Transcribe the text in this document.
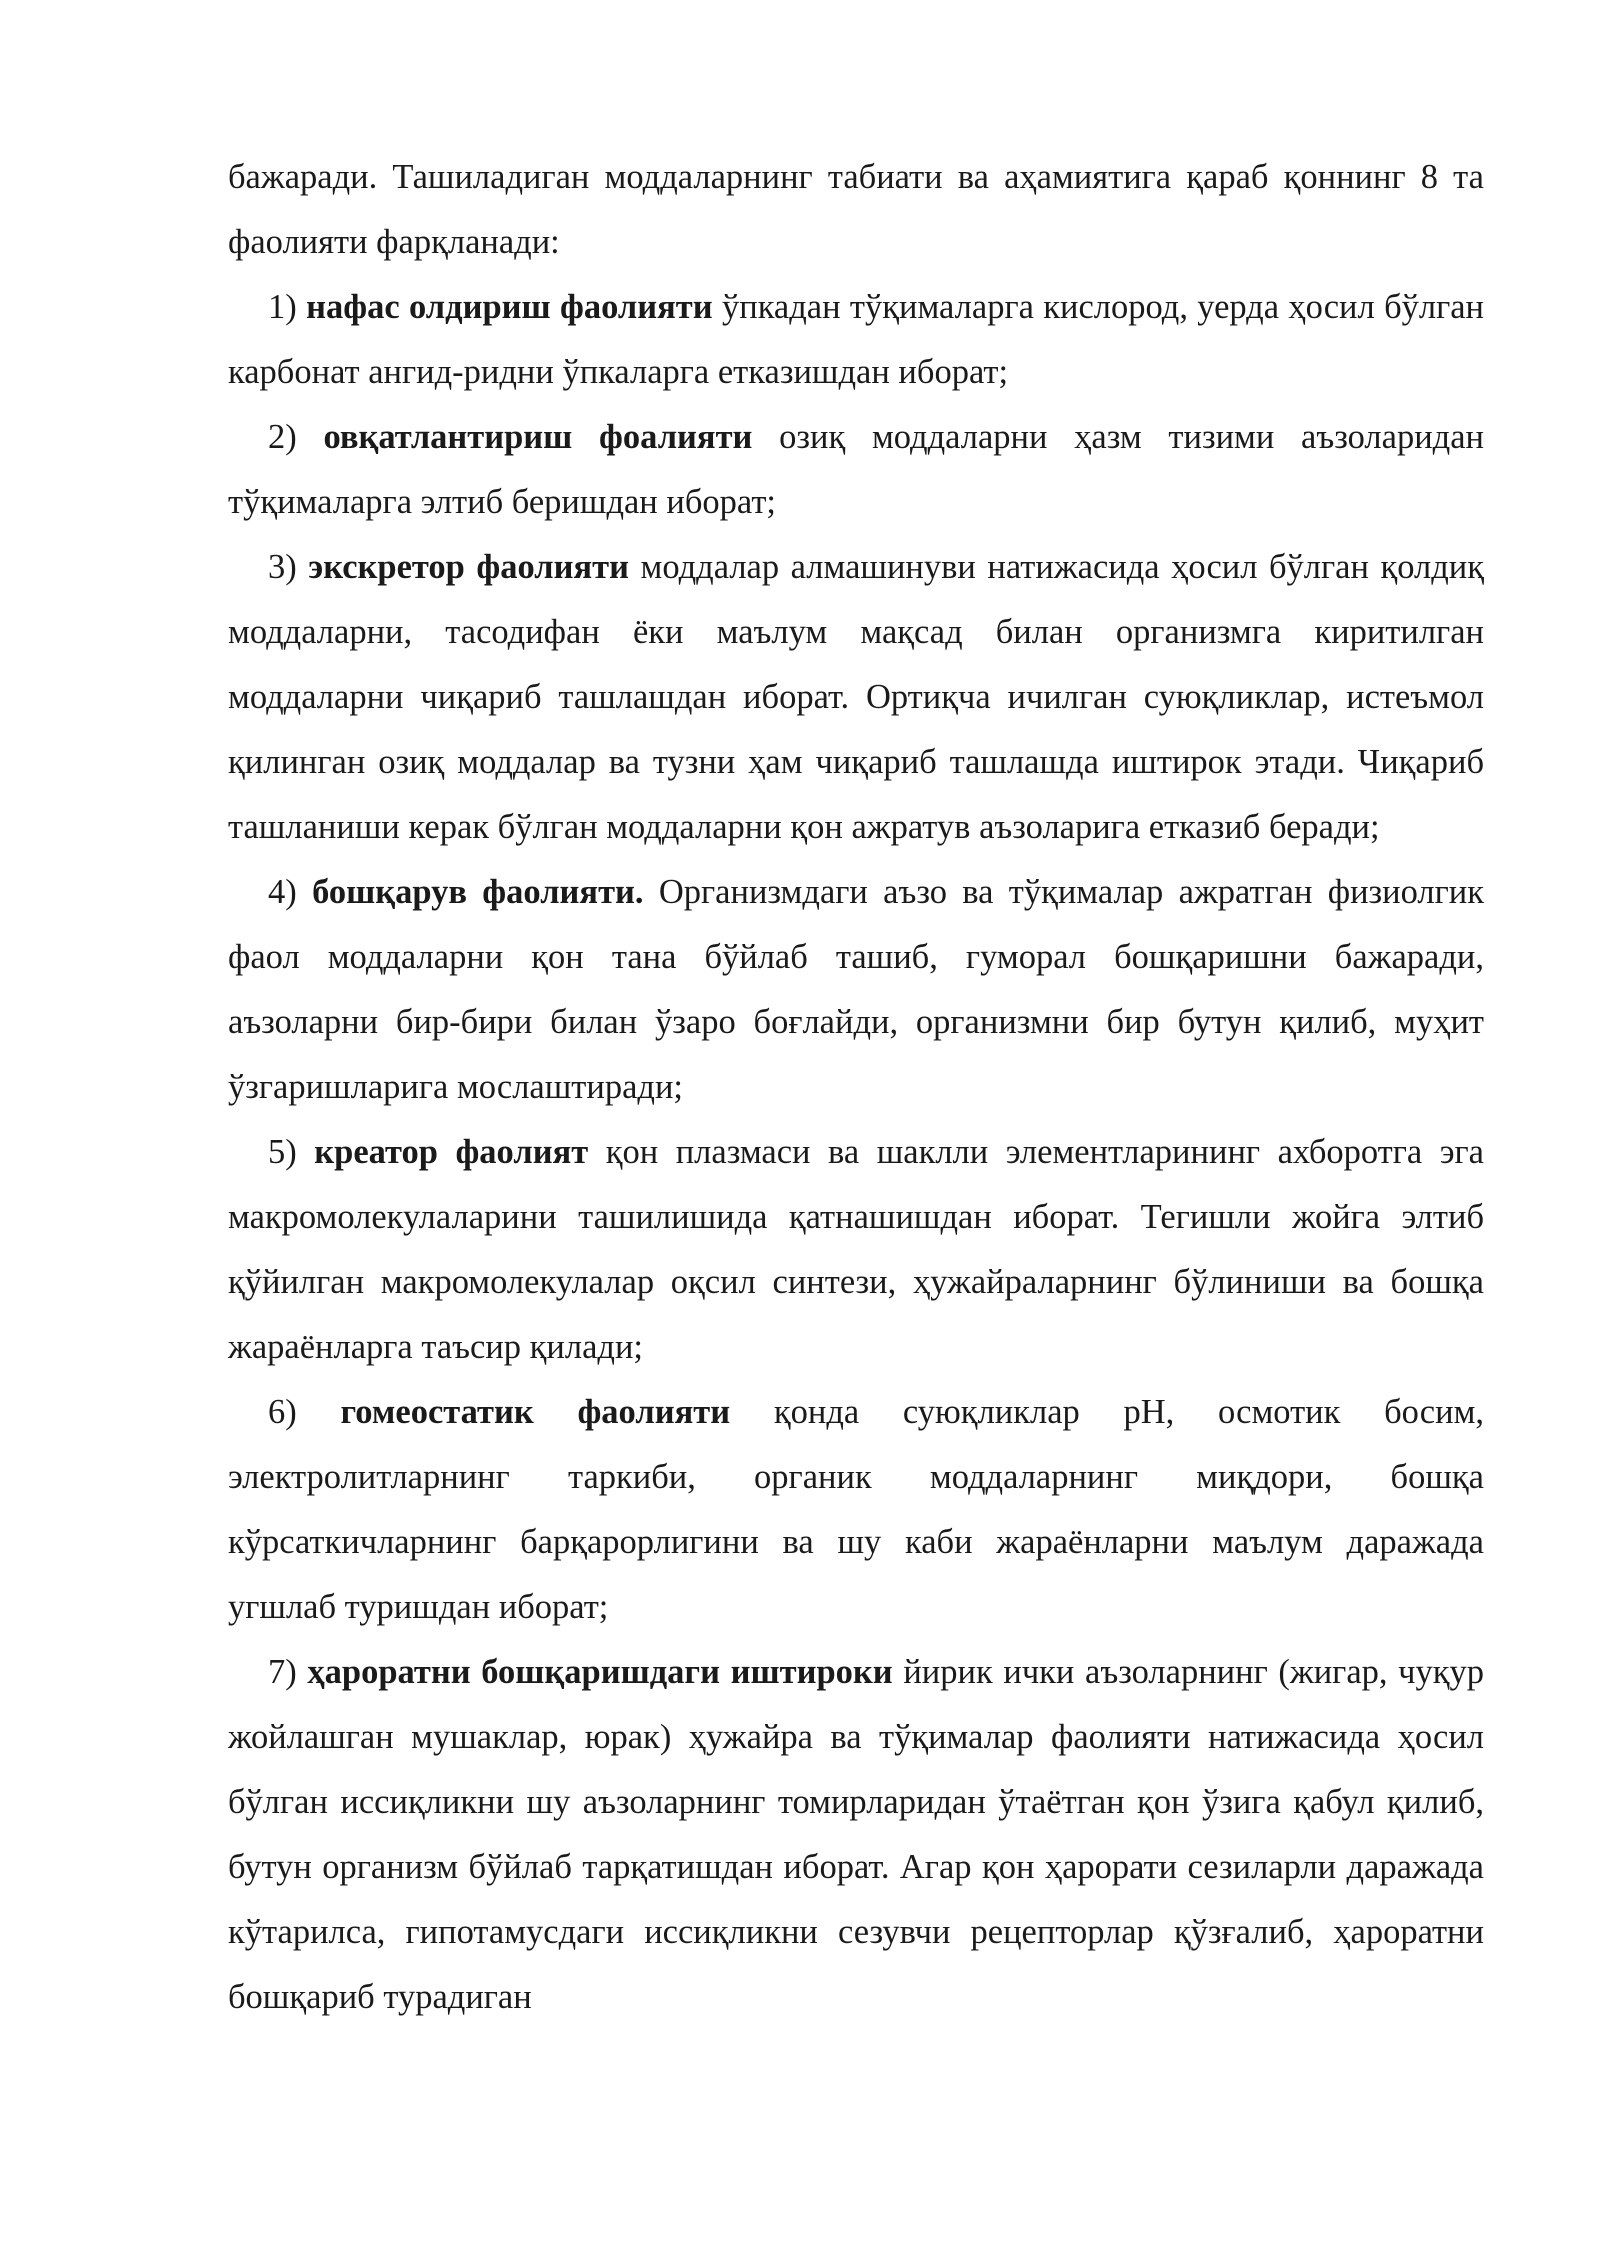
бажаради. Ташиладиган моддаларнинг табиати ва аҳамиятига қараб қоннинг 8 та фаолияти фарқланади:

1) нафас олдириш фаолияти ўпкадан тўқималарга кислород, уерда ҳосил бўлган карбонат ангид-ридни ўпкаларга етказишдан иборат;

2) овқатлантириш фоалияти озиқ моддаларни ҳазм тизими аъзоларидан тўқималарга элтиб беришдан иборат;

3) экскретор фаолияти моддалар алмашинуви натижасида ҳосил бўлган қолдиқ моддаларни, тасодифан ёки маълум мақсад билан организмга киритилган моддаларни чиқариб ташлашдан иборат. Ортиқча ичилган суюқликлар, истеъмол қилинган озиқ моддалар ва тузни ҳам чиқариб ташлашда иштирок этади. Чиқариб ташланиши керак бўлган моддаларни қон ажратув аъзоларига етказиб беради;

4) бошқарув фаолияти. Организмдаги аъзо ва тўқималар ажратган физиолгик фаол моддаларни қон тана бўйлаб ташиб, гуморал бошқаришни бажаради, аъзоларни бир-бири билан ўзаро боғлайди, организмни бир бутун қилиб, муҳит ўзгаришларига мослаштиради;

5) креатор фаолият қон плазмаси ва шаклли элементларининг ахборотга эга макромолекулаларини ташилишида қатнашишдан иборат. Тегишли жойга элтиб қўйилган макромолекулалар оқсил синтези, ҳужайраларнинг бўлиниши ва бошқа жараёнларга таъсир қилади;

6) гомеостатик фаолияти қонда суюқликлар pH, осмотик босим, электролитларнинг таркиби, органик моддаларнинг миқдори, бошқа кўрсаткичларнинг барқарорлигини ва шу каби жараёнларни маълум даражада угшлаб туришдан иборат;

7) ҳароратни бошқаришдаги иштироки йирик ички аъзоларнинг (жигар, чуқур жойлашган мушаклар, юрак) ҳужайра ва тўқималар фаолияти натижасида ҳосил бўлган иссиқликни шу аъзоларнинг томирларидан ўтаётган қон ўзига қабул қилиб, бутун организм бўйлаб тарқатишдан иборат. Агар қон ҳарорати сезиларли даражада кўтарилса, гипотамусдаги иссиқликни сезувчи рецепторлар қўзғалиб, ҳароратни бошқариб турадиган
